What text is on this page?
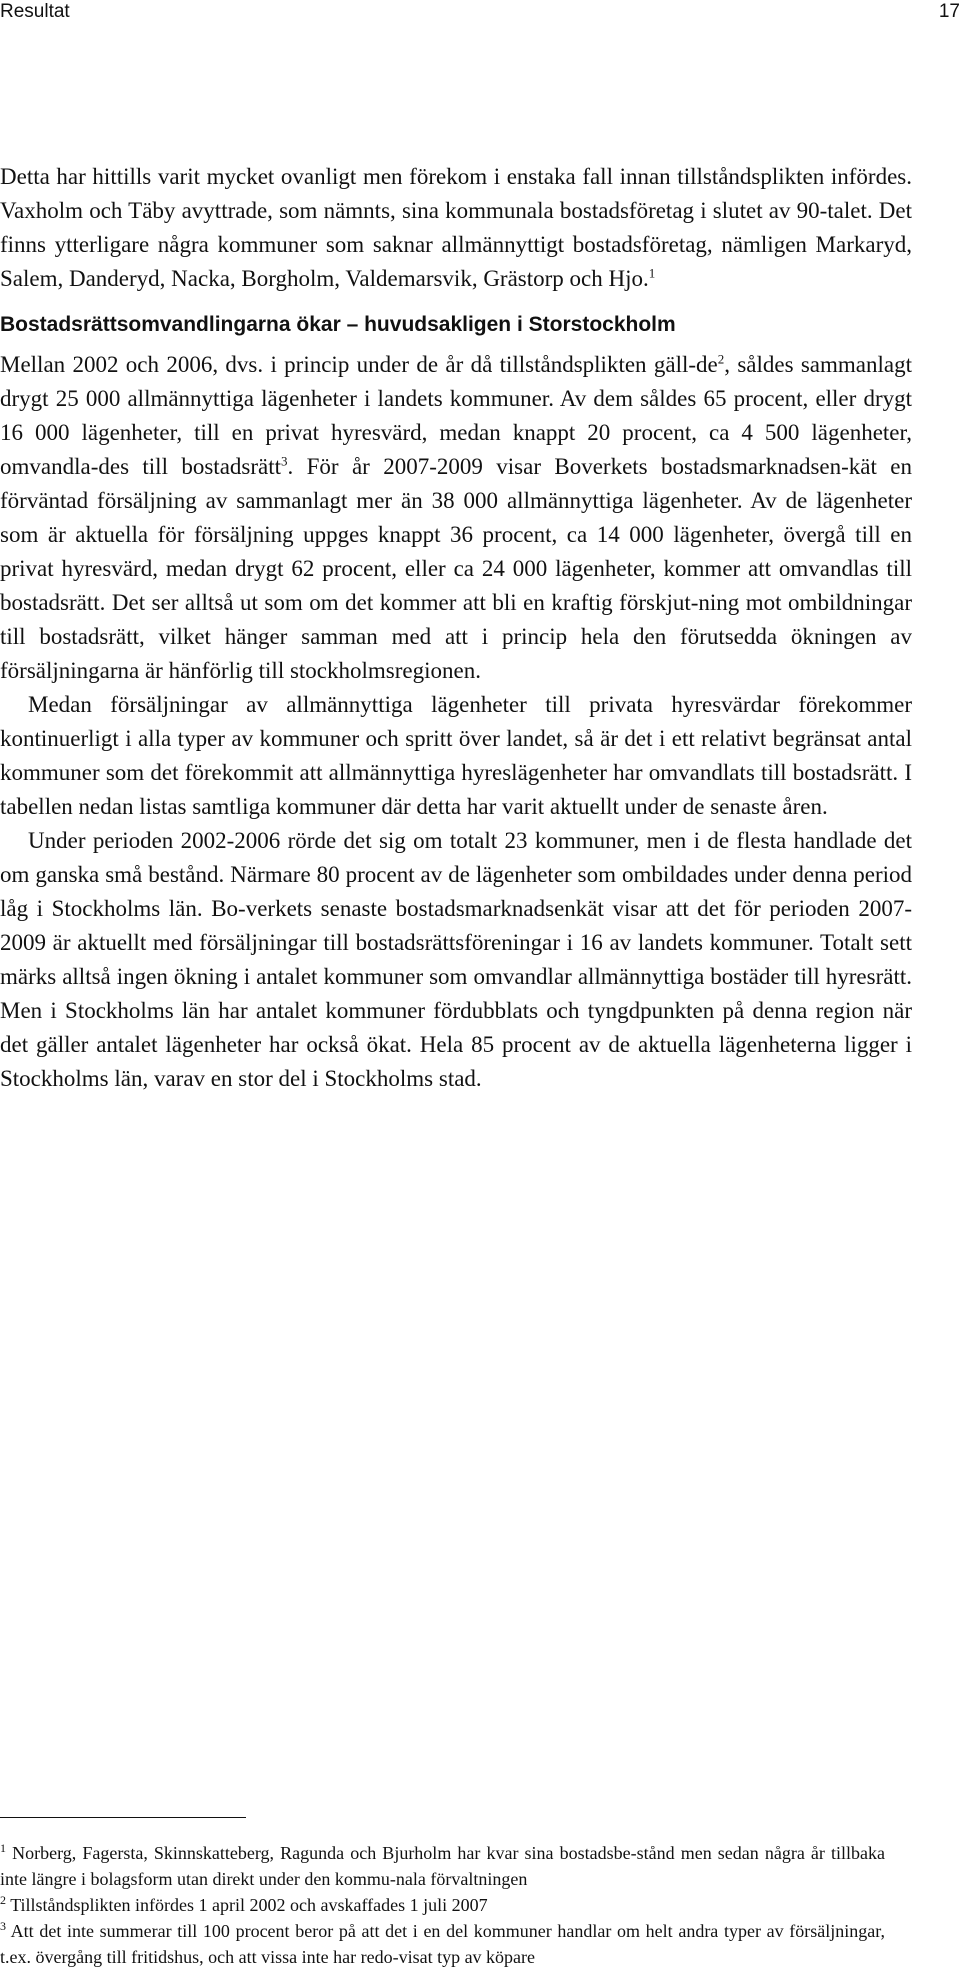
Resultat	17

Detta har hittills varit mycket ovanligt men förekom i enstaka fall innan tillståndsplikten infördes. Vaxholm och Täby avyttrade, som nämnts, sina kommunala bostadsföretag i slutet av 90-talet. Det finns ytterligare några kommuner som saknar allmännyttigt bostadsföretag, nämligen Markaryd, Salem, Danderyd, Nacka, Borgholm, Valdemarsvik, Grästorp och Hjo.$^1$

Bostadsrättsomvandlingarna ökar – huvudsakligen i Storstockholm

Mellan 2002 och 2006, dvs. i princip under de år då tillståndsplikten gäll-$de^2$, såldes sammanlagt drygt 25 000 allmännyttiga lägenheter i landets kommuner. Av dem såldes 65 procent, eller drygt 16 000 lägenheter, till en privat hyresvärd, medan knappt 20 procent, ca 4 500 lägenheter, omvandla-des till bostadsrätt$^3$. För år 2007-2009 visar Boverkets bostadsmarknadsen-kät en förväntad försäljning av sammanlagt mer än 38 000 allmännyttiga lägenheter. Av de lägenheter som är aktuella för försäljning uppges knappt 36 procent, ca 14 000 lägenheter, övergå till en privat hyresvärd, medan drygt 62 procent, eller ca 24 000 lägenheter, kommer att omvandlas till bostadsrätt. Det ser alltså ut som om det kommer att bli en kraftig förskjut-ning mot ombildningar till bostadsrätt, vilket hänger samman med att i princip hela den förutsedda ökningen av försäljningarna är hänförlig till stockholmsregionen.

Medan försäljningar av allmännyttiga lägenheter till privata hyresvärdar förekommer kontinuerligt i alla typer av kommuner och spritt över landet, så är det i ett relativt begränsat antal kommuner som det förekommit att allmännyttiga hyreslägenheter har omvandlats till bostadsrätt. I tabellen nedan listas samtliga kommuner där detta har varit aktuellt under de senaste åren.

Under perioden 2002-2006 rörde det sig om totalt 23 kommuner, men i de flesta handlade det om ganska små bestånd. Närmare 80 procent av de lägenheter som ombildades under denna period låg i Stockholms län. Bo-verkets senaste bostadsmarknadsenkät visar att det för perioden 2007-2009 är aktuellt med försäljningar till bostadsrättsföreningar i 16 av landets kommuner. Totalt sett märks alltså ingen ökning i antalet kommuner som omvandlar allmännyttiga bostäder till hyresrätt. Men i Stockholms län har antalet kommuner fördubblats och tyngdpunkten på denna region när det gäller antalet lägenheter har också ökat. Hela 85 procent av de aktuella lägenheterna ligger i Stockholms län, varav en stor del i Stockholms stad.

$^1$ Norberg, Fagersta, Skinnskatteberg, Ragunda och Bjurholm har kvar sina bostadsbe-stånd men sedan några år tillbaka inte längre i bolagsform utan direkt under den kommu-nala förvaltningen

$^2$ Tillståndsplikten infördes 1 april 2002 och avskaffades 1 juli 2007

$^3$ Att det inte summerar till 100 procent beror på att det i en del kommuner handlar om helt andra typer av försäljningar, t.ex. övergång till fritidshus, och att vissa inte har redo-visat typ av köpare
